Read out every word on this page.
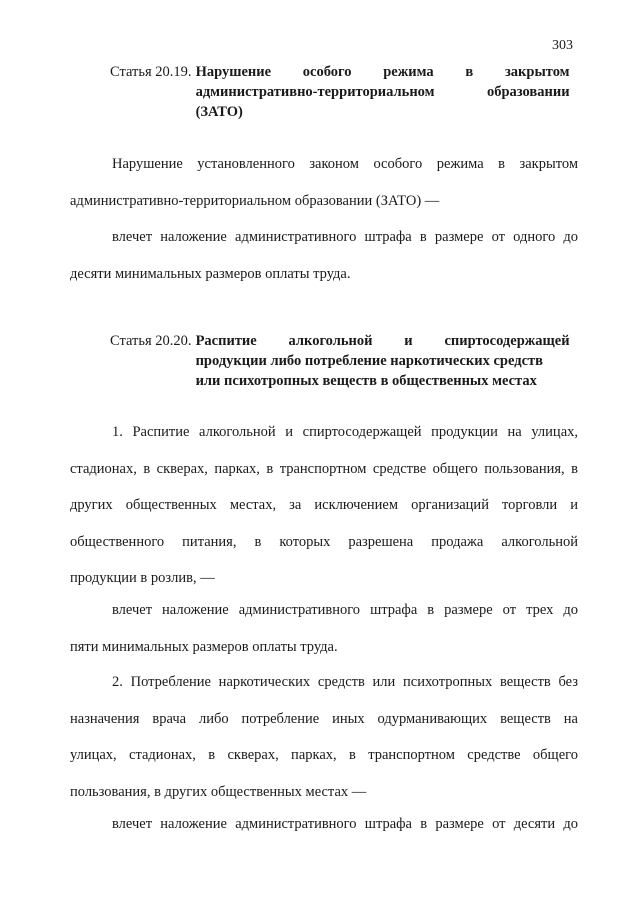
303
Статья 20.19. Нарушение особого режима в закрытом
административно-территориальном образовании
(ЗАТО)

Нарушение установленного законом особого режима в закрытом
административно-территориальном образовании (ЗАТО) —

влечет наложение административного штрафа в размере от одного до
десяти минимальных размеров оплаты труда.

Статья 20.20. Распитие алкогольной и спиртосодержащей
продукции либо потребление наркотических средств
или психотропных веществ в общественных местах

1. Распитие алкогольной и спиртосодержащей продукции на улицах,
стадионах, в скверах, парках, в транспортном средстве общего пользования, в
других общественных местах, за исключением организаций торговли и
общественного питания, в которых разрешена продажа алкогольной
продукции в розлив, —

влечет наложение административного штрафа в размере от трех до
пяти минимальных размеров оплаты труда.

2. Потребление наркотических средств или психотропных веществ без
назначения врача либо потребление иных одурманивающих веществ на
улицах, стадионах, в скверах, парках, в транспортном средстве общего
пользования, в других общественных местах —

влечет наложение административного штрафа в размере от десяти до
